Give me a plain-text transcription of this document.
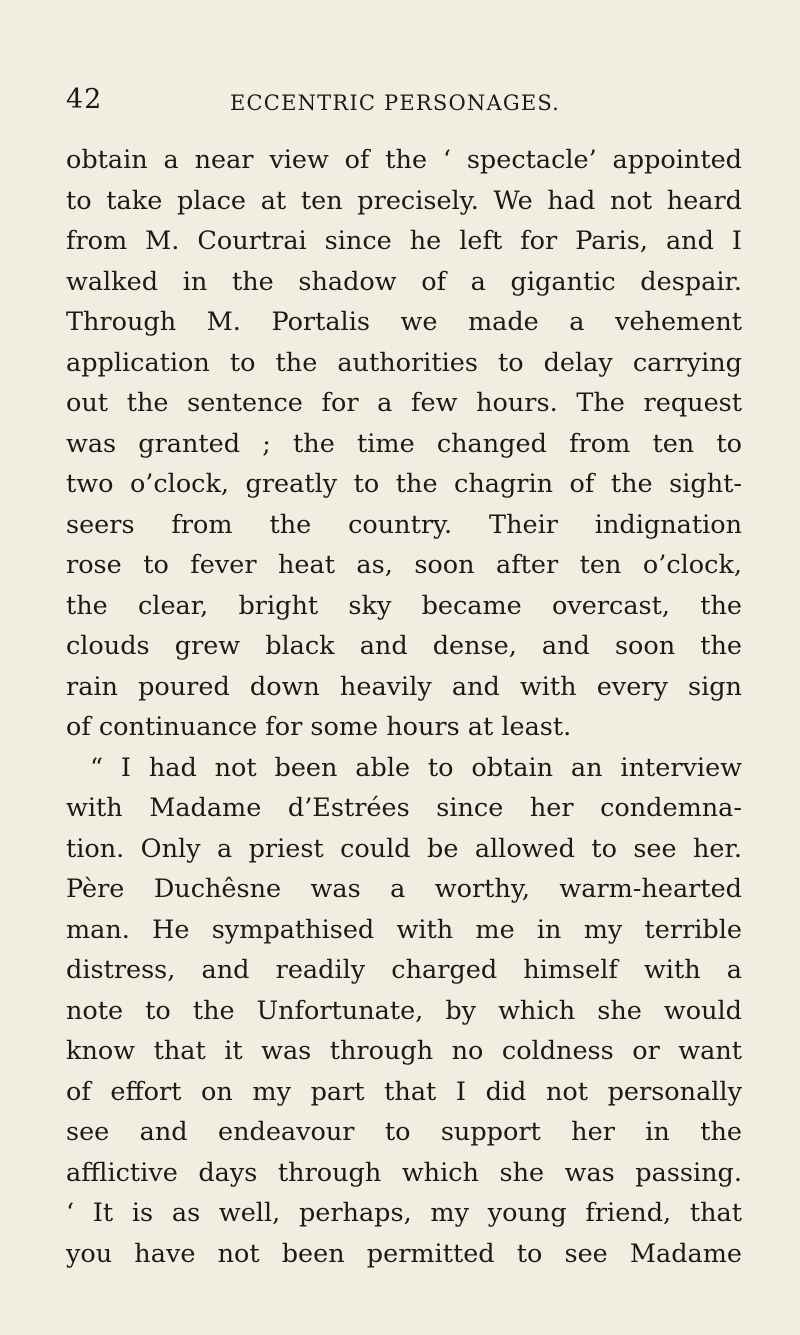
42	ECCENTRIC PERSONAGES.
obtain a near view of the ‘ spectacle’ appointed
to take place at ten precisely. We had not heard
from M. Courtrai since he left for Paris, and I
walked in the shadow of a gigantic despair.
Through M. Portalis we made a vehement
application to the authorities to delay carrying
out the sentence for a few hours. The request
was granted ; the time changed from ten to
two o’clock, greatly to the chagrin of the sight-
seers from the country. Their indignation
rose to fever heat as, soon after ten o’clock,
the clear, bright sky became overcast, the
clouds grew black and dense, and soon the
rain poured down heavily and with every sign
of continuance for some hours at least.
“ I had not been able to obtain an interview
with Madame d’Estrées since her condemna-
tion. Only a priest could be allowed to see her.
Père Duchêsne was a worthy, warm-hearted
man. He sympathised with me in my terrible
distress, and readily charged himself with a
note to the Unfortunate, by which she would
know that it was through no coldness or want
of effort on my part that I did not personally
see and endeavour to support her in the
afflictive days through which she was passing.
‘ It is as well, perhaps, my young friend, that
you have not been permitted to see Madame
